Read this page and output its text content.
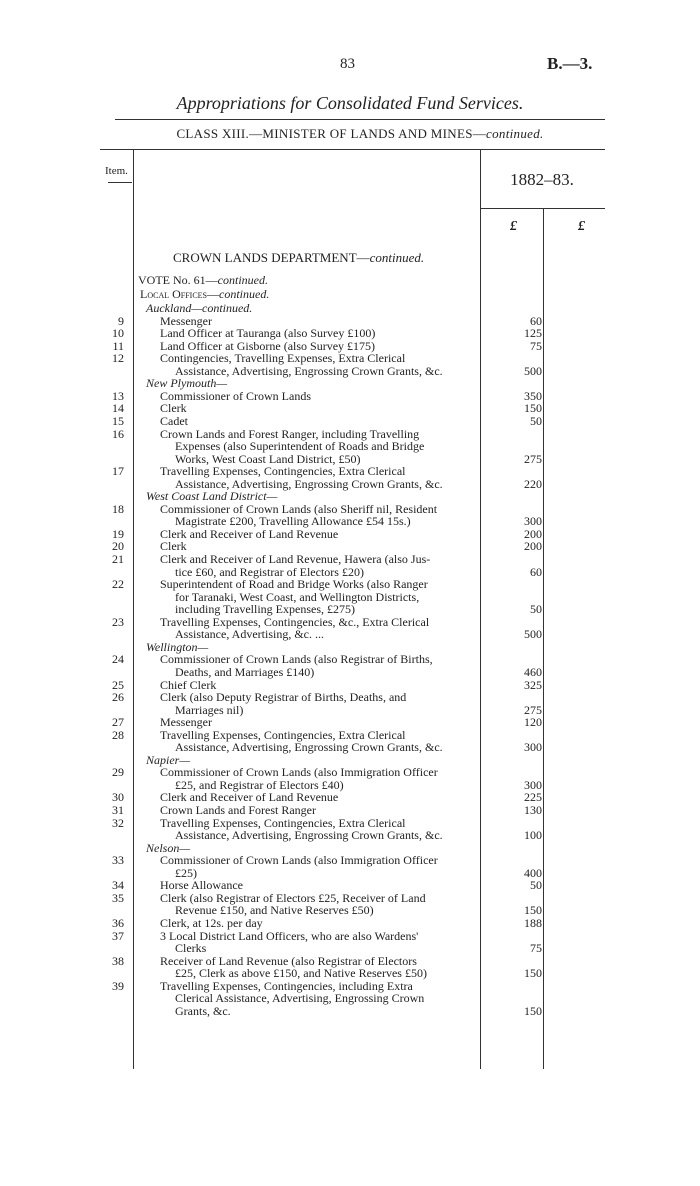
83	B.—3.
Appropriations for Consolidated Fund Services.
CLASS XIII.—MINISTER OF LANDS AND MINES—continued.
Item.	1882–83.
£	£
CROWN LANDS DEPARTMENT—continued.
VOTE No. 61—continued.
Local Offices—continued.
Auckland—continued.
9	Messenger	60
10	Land Officer at Tauranga (also Survey £100)	125
11	Land Officer at Gisborne (also Survey £175)	75
12	Contingencies, Travelling Expenses, Extra Clerical
Assistance, Advertising, Engrossing Crown Grants, &c.	500
New Plymouth—
13	Commissioner of Crown Lands	350
14	Clerk	150
15	Cadet	50
16	Crown Lands and Forest Ranger, including Travelling
Expenses (also Superintendent of Roads and Bridge
Works, West Coast Land District, £50)	275
17	Travelling Expenses, Contingencies, Extra Clerical
Assistance, Advertising, Engrossing Crown Grants, &c.	220
West Coast Land District—
18	Commissioner of Crown Lands (also Sheriff nil, Resident
Magistrate £200, Travelling Allowance £54 15s.)	300
19	Clerk and Receiver of Land Revenue	200
20	Clerk	200
21	Clerk and Receiver of Land Revenue, Hawera (also Jus-
tice £60, and Registrar of Electors £20)	60
22	Superintendent of Road and Bridge Works (also Ranger
for Taranaki, West Coast, and Wellington Districts,
including Travelling Expenses, £275)	50
23	Travelling Expenses, Contingencies, &c., Extra Clerical
Assistance, Advertising, &c. ...	500
Wellington—
24	Commissioner of Crown Lands (also Registrar of Births,
Deaths, and Marriages £140)	460
25	Chief Clerk	325
26	Clerk (also Deputy Registrar of Births, Deaths, and
Marriages nil)	275
27	Messenger	120
28	Travelling Expenses, Contingencies, Extra Clerical
Assistance, Advertising, Engrossing Crown Grants, &c.	300
Napier—
29	Commissioner of Crown Lands (also Immigration Officer
£25, and Registrar of Electors £40)	300
30	Clerk and Receiver of Land Revenue	225
31	Crown Lands and Forest Ranger	130
32	Travelling Expenses, Contingencies, Extra Clerical
Assistance, Advertising, Engrossing Crown Grants, &c.	100
Nelson—
33	Commissioner of Crown Lands (also Immigration Officer
£25)	400
34	Horse Allowance	50
35	Clerk (also Registrar of Electors £25, Receiver of Land
Revenue £150, and Native Reserves £50)	150
36	Clerk, at 12s. per day	188
37	3 Local District Land Officers, who are also Wardens'
Clerks	75
38	Receiver of Land Revenue (also Registrar of Electors
£25, Clerk as above £150, and Native Reserves £50)	150
39	Travelling Expenses, Contingencies, including Extra
Clerical Assistance, Advertising, Engrossing Crown
Grants, &c.	150
